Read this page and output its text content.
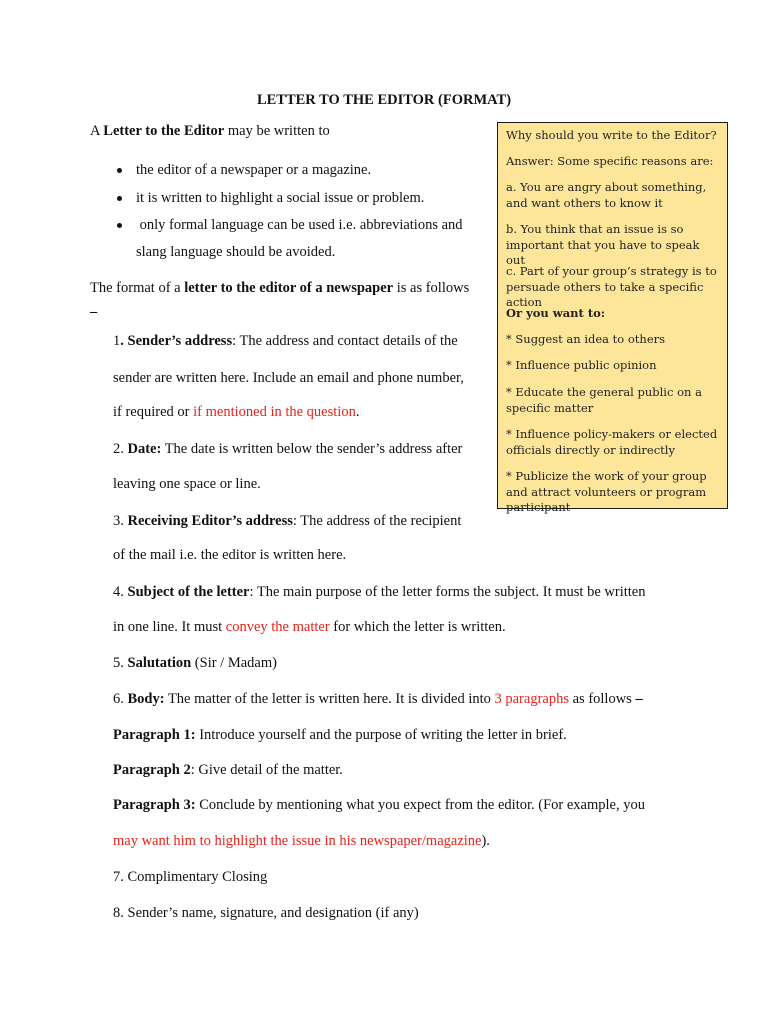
LETTER TO THE EDITOR (FORMAT)
A Letter to the Editor may be written to
the editor of a newspaper or a magazine.
it is written to highlight a social issue or problem.
only formal language can be used i.e. abbreviations and
slang language should be avoided.
The format of a letter to the editor of a newspaper is as follows
–
1. Sender’s address: The address and contact details of the
sender are written here. Include an email and phone number,
if required or if mentioned in the question.
2. Date: The date is written below the sender’s address after
leaving one space or line.
3. Receiving Editor’s address: The address of the recipient
of the mail i.e. the editor is written here.
4. Subject of the letter: The main purpose of the letter forms the subject. It must be written
in one line. It must convey the matter for which the letter is written.
5. Salutation (Sir / Madam)
6. Body: The matter of the letter is written here. It is divided into 3 paragraphs as follows –
Paragraph 1: Introduce yourself and the purpose of writing the letter in brief.
Paragraph 2: Give detail of the matter.
Paragraph 3: Conclude by mentioning what you expect from the editor. (For example, you
may want him to highlight the issue in his newspaper/magazine).
7. Complimentary Closing
8. Sender’s name, signature, and designation (if any)
Why should you write to the Editor?
Answer: Some specific reasons are:
a. You are angry about something, and want others to know it
b. You think that an issue is so important that you have to speak out
c. Part of your group’s strategy is to persuade others to take a specific action
Or you want to:
* Suggest an idea to others
* Influence public opinion
* Educate the general public on a specific matter
* Influence policy-makers or elected officials directly or indirectly
* Publicize the work of your group and attract volunteers or program participant
